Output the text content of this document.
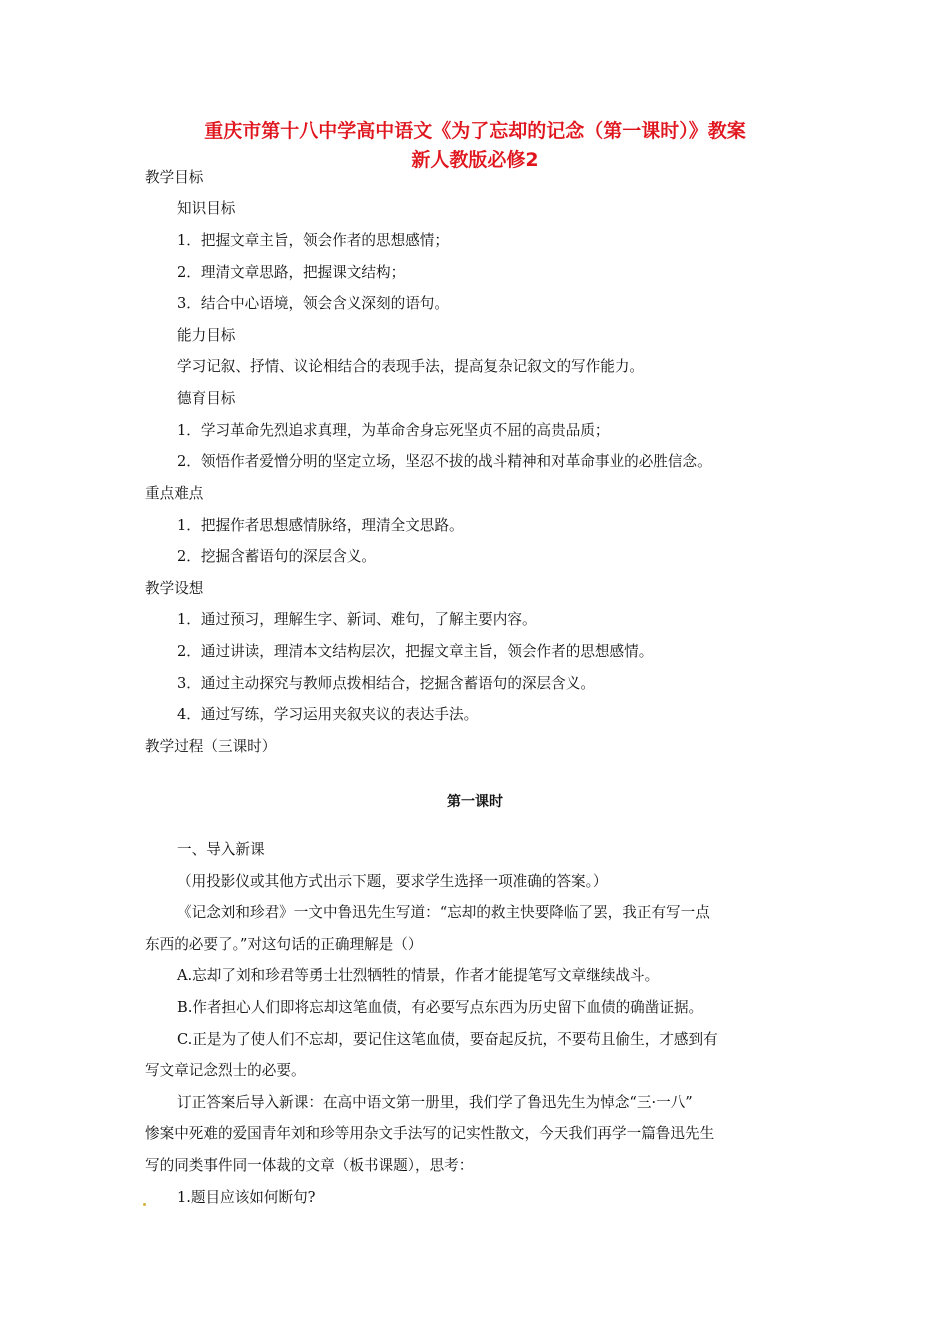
重庆市第十八中学高中语文《为了忘却的记念（第一课时）》教案
新人教版必修2
教学目标
知识目标
1．把握文章主旨，领会作者的思想感情；
2．理清文章思路，把握课文结构；
3．结合中心语境，领会含义深刻的语句。
能力目标
学习记叙、抒情、议论相结合的表现手法，提高复杂记叙文的写作能力。
德育目标
1．学习革命先烈追求真理，为革命舍身忘死坚贞不屈的高贵品质；
2．领悟作者爱憎分明的坚定立场，坚忍不拔的战斗精神和对革命事业的必胜信念。
重点难点
1．把握作者思想感情脉络，理清全文思路。
2．挖掘含蓄语句的深层含义。
教学设想
1．通过预习，理解生字、新词、难句，了解主要内容。
2．通过讲读，理清本文结构层次，把握文章主旨，领会作者的思想感情。
3．通过主动探究与教师点拨相结合，挖掘含蓄语句的深层含义。
4．通过写练，学习运用夹叙夹议的表达手法。
教学过程（三课时）
第一课时
一、导入新课
（用投影仪或其他方式出示下题，要求学生选择一项准确的答案。）
《记念刘和珍君》一文中鲁迅先生写道：“忘却的救主快要降临了罢，我正有写一点
东西的必要了。”对这句话的正确理解是（）
A.忘却了刘和珍君等勇士壮烈牺牲的情景，作者才能提笔写文章继续战斗。
B.作者担心人们即将忘却这笔血债，有必要写点东西为历史留下血债的确凿证据。
C.正是为了使人们不忘却，要记住这笔血债，要奋起反抗，不要苟且偷生，才感到有
写文章记念烈士的必要。
订正答案后导入新课：在高中语文第一册里，我们学了鲁迅先生为悼念“三·一八”
惨案中死难的爱国青年刘和珍等用杂文手法写的记实性散文，今天我们再学一篇鲁迅先生
写的同类事件同一体裁的文章（板书课题），思考：
1.题目应该如何断句?
